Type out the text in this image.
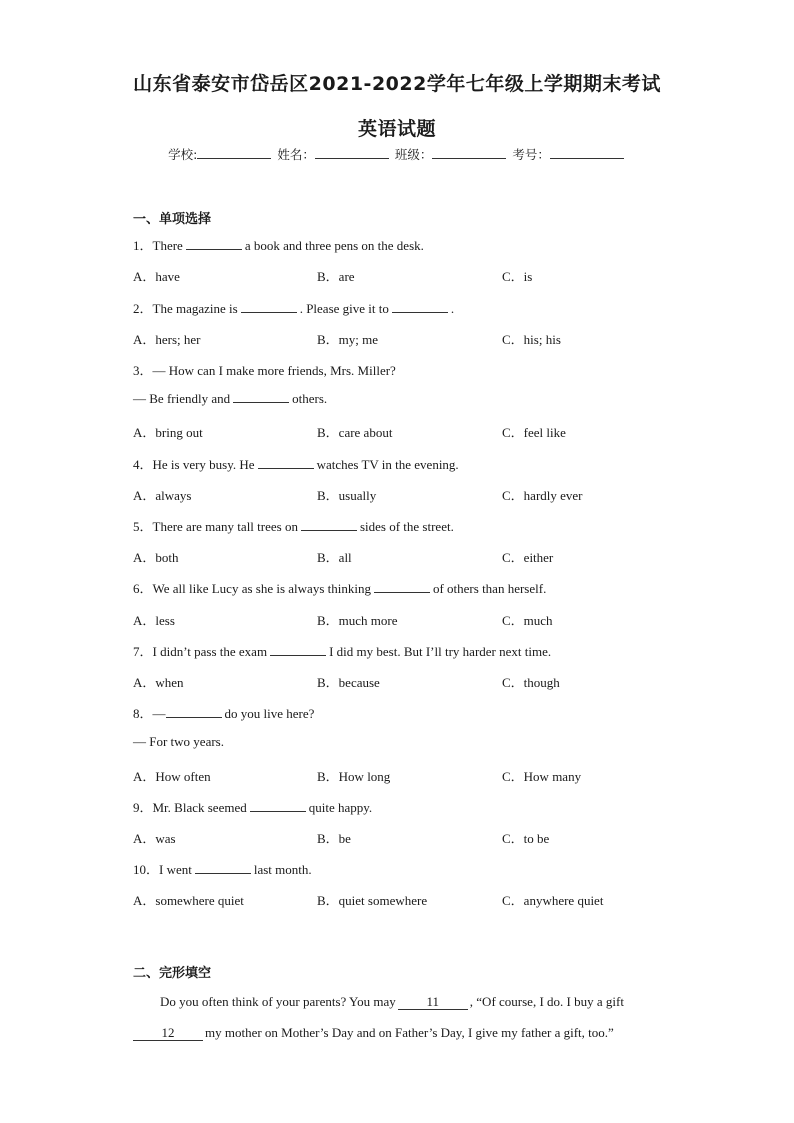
山东省泰安市岱岳区2021-2022学年七年级上学期期末考试
英语试题
学校:	姓名：	班级：	考号：
一、单项选择
1．There	a book and three pens on the desk.
A．have	B．are	C．is
2．The magazine is	. Please give it to	.
A．hers; her	B．my; me	C．his; his
3．— How can I make more friends, Mrs. Miller?
— Be friendly and	others.
A．bring out	B．care about	C．feel like
4．He is very busy. He	watches TV in the evening.
A．always	B．usually	C．hardly ever
5．There are many tall trees on	sides of the street.
A．both	B．all	C．either
6．We all like Lucy as she is always thinking	of others than herself.
A．less	B．much more	C．much
7．I didn’t pass the exam	I did my best. But I’ll try harder next time.
A．when	B．because	C．though
8．—	do you live here?
— For two years.
A．How often	B．How long	C．How many
9．Mr. Black seemed	quite happy.
A．was	B．be	C．to be
10．I went	last month.
A．somewhere quiet	B．quiet somewhere	C．anywhere quiet
二、完形填空
Do you often think of your parents? You may 11 , “Of course, I do. I buy a gift
12 my mother on Mother’s Day and on Father’s Day, I give my father a gift, too.”
